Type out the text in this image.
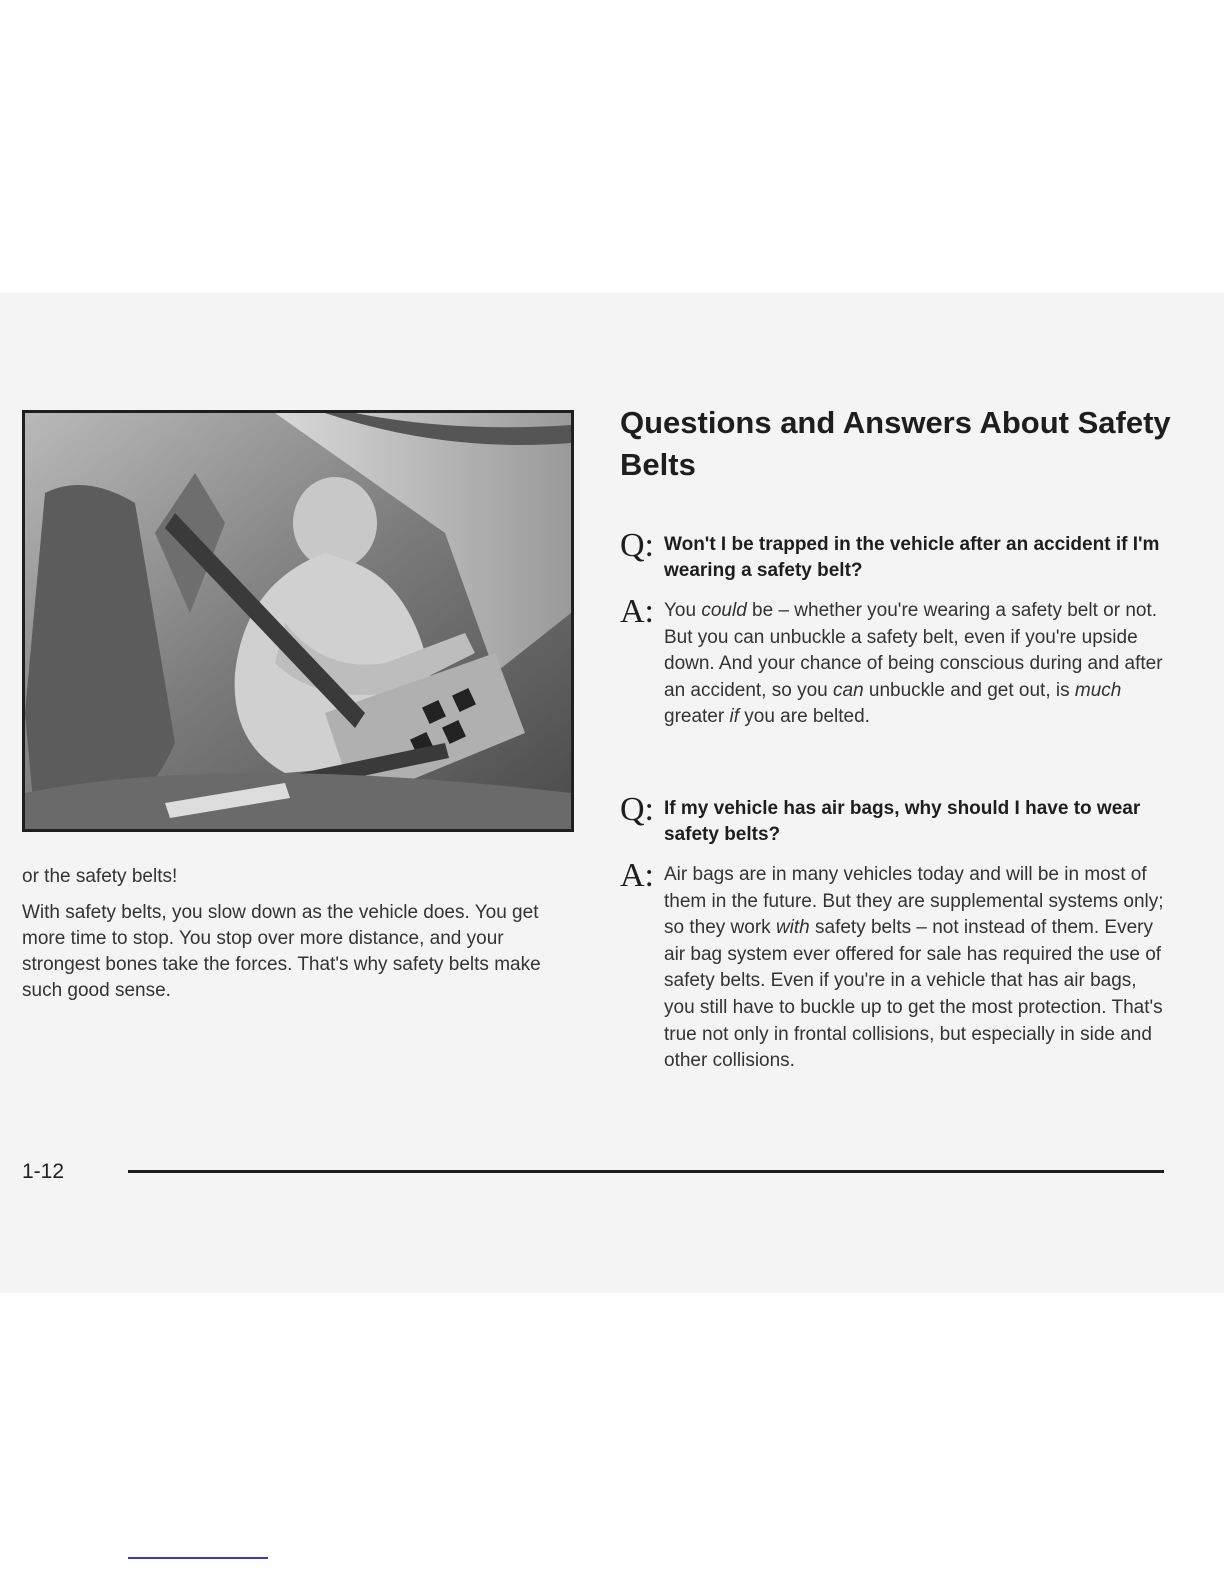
or the safety belts!

With safety belts, you slow down as the vehicle does. You get more time to stop. You stop over more distance, and your strongest bones take the forces. That's why safety belts make such good sense.

Questions and Answers About Safety Belts
Q: Won't I be trapped in the vehicle after an accident if I'm wearing a safety belt?
A: You could be – whether you're wearing a safety belt or not. But you can unbuckle a safety belt, even if you're upside down. And your chance of being conscious during and after an accident, so you can unbuckle and get out, is much greater if you are belted.
Q: If my vehicle has air bags, why should I have to wear safety belts?
A: Air bags are in many vehicles today and will be in most of them in the future. But they are supplemental systems only; so they work with safety belts – not instead of them. Every air bag system ever offered for sale has required the use of safety belts. Even if you're in a vehicle that has air bags, you still have to buckle up to get the most protection. That's true not only in frontal collisions, but especially in side and other collisions.
1-12
